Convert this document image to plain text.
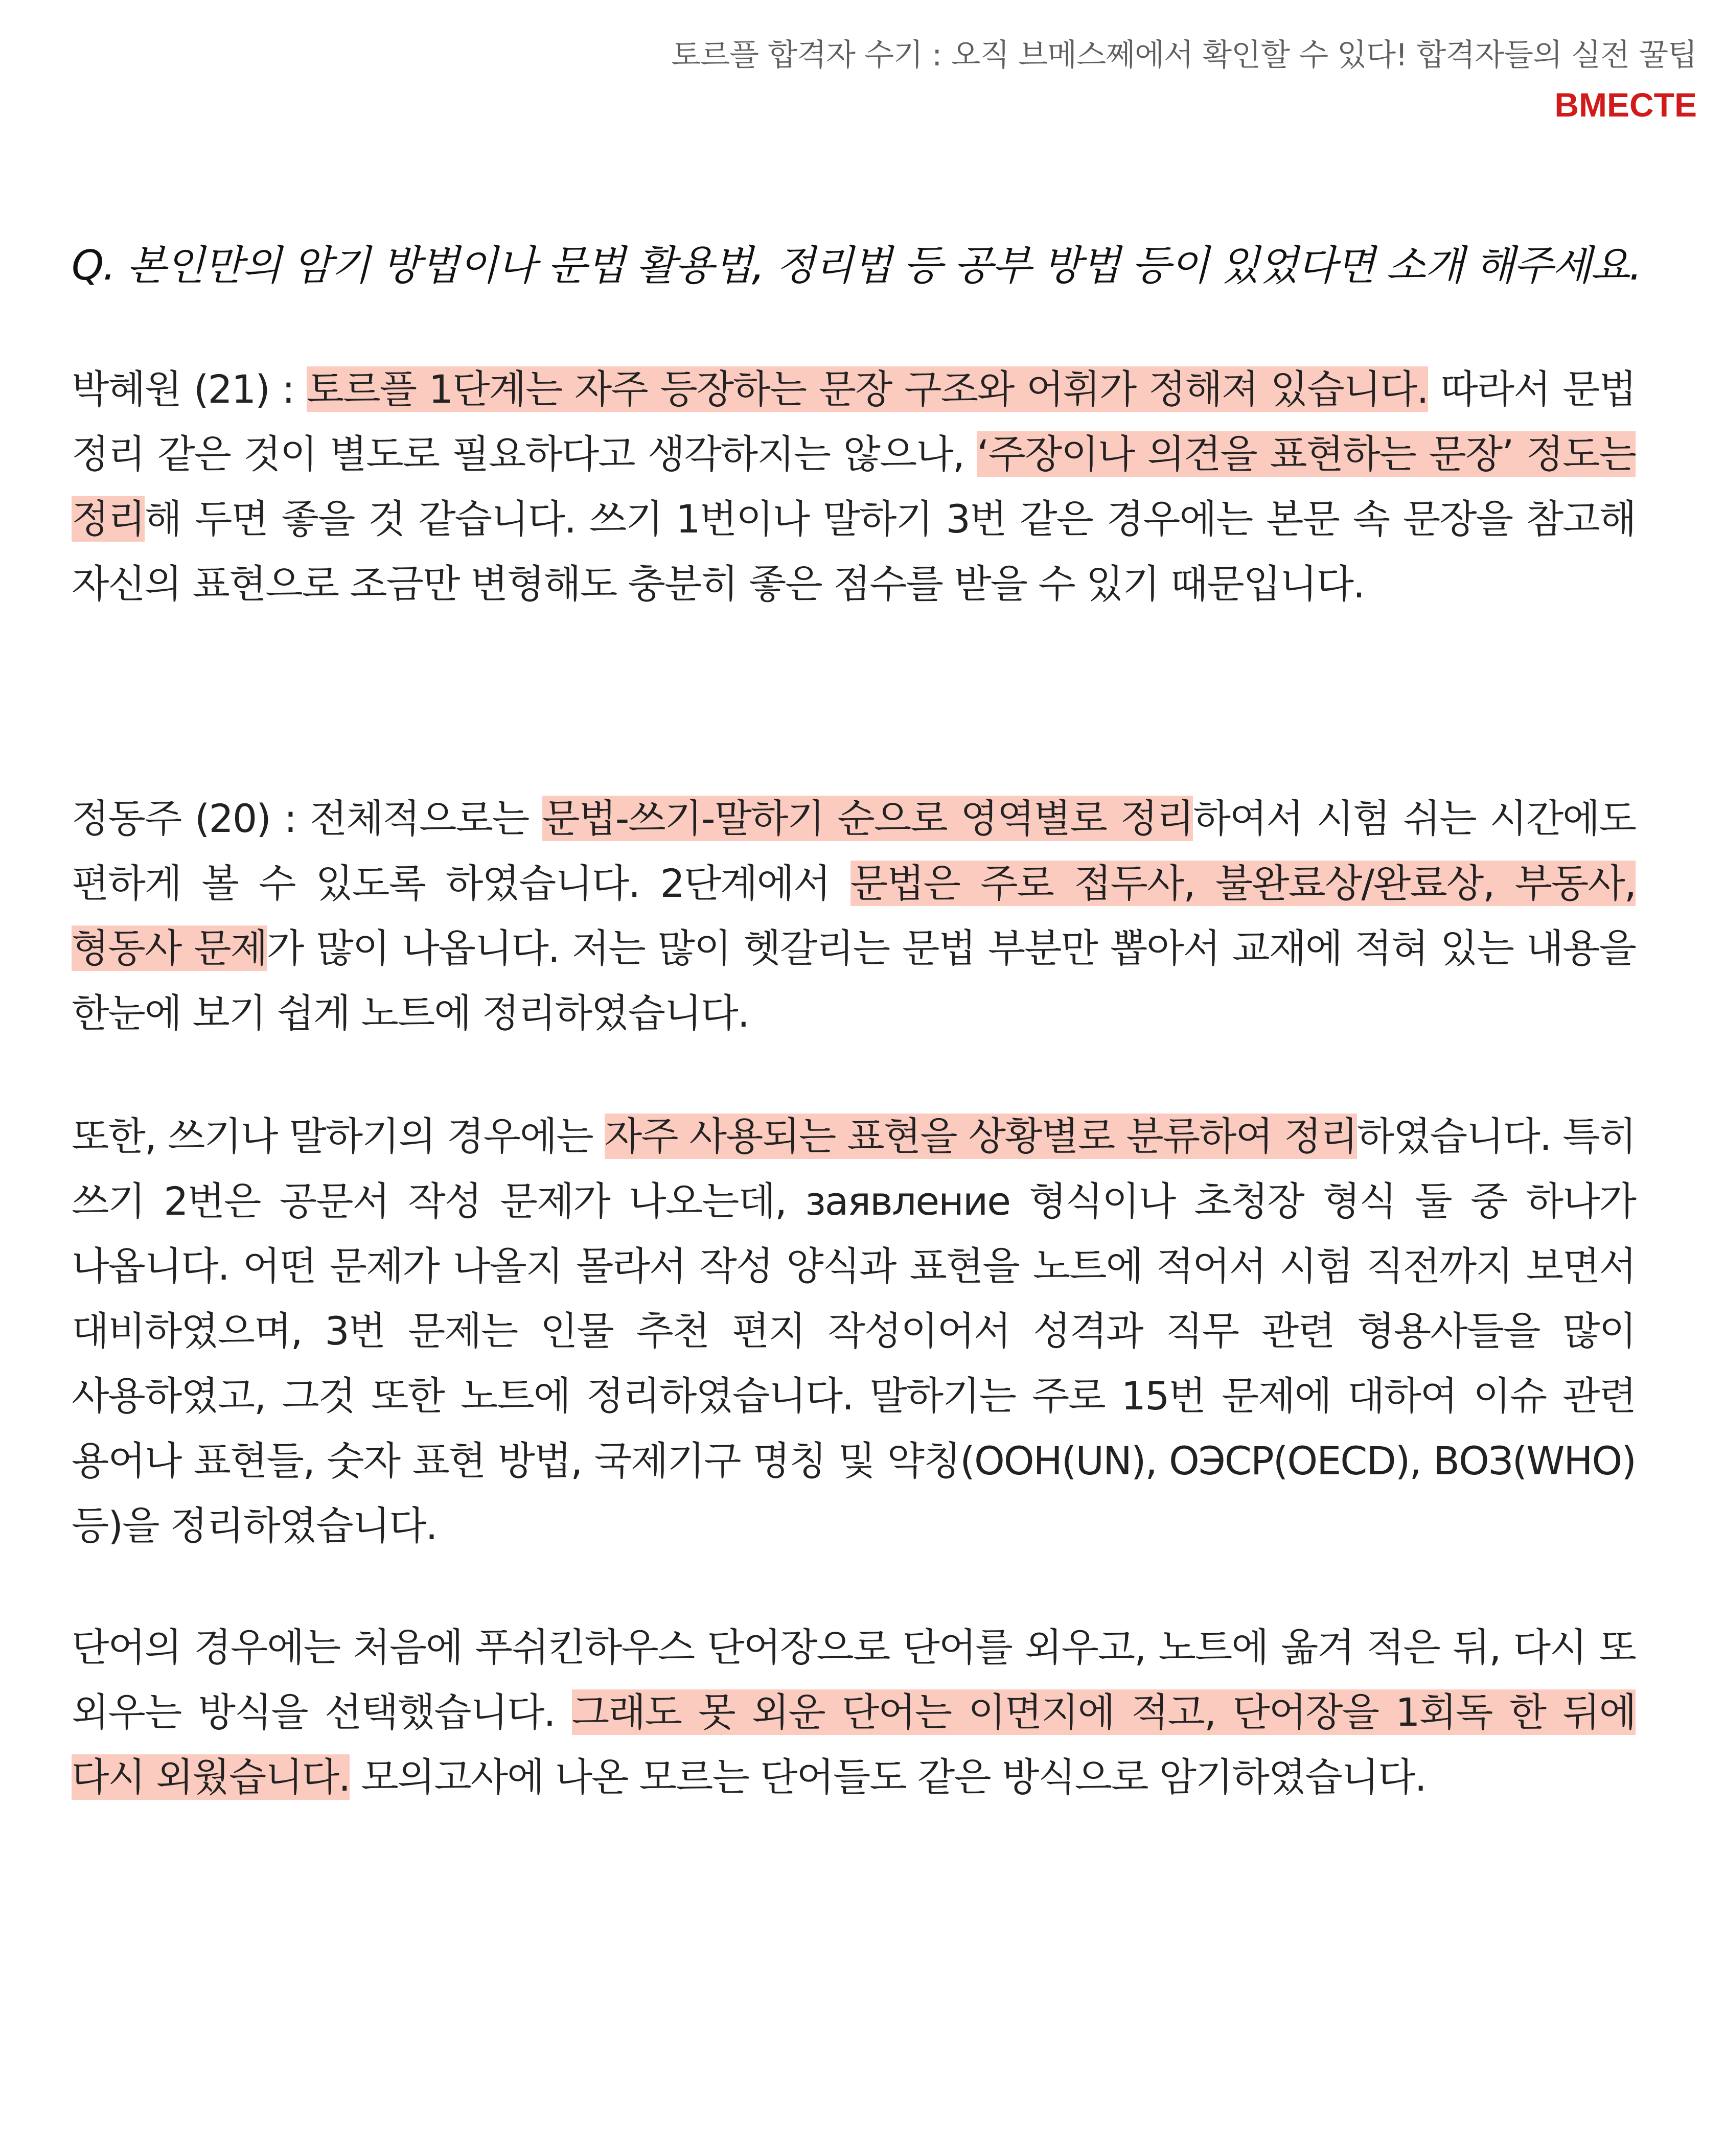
토르플 합격자 수기 : 오직 브메스쩨에서 확인할 수 있다! 합격자들의 실전 꿀팁
BMECTE
Q. 본인만의 암기 방법이나 문법 활용법, 정리법 등 공부 방법 등이 있었다면 소개 해주세요.

박혜원 (21) : 토르플 1단계는 자주 등장하는 문장 구조와 어휘가 정해져 있습니다. 따라서 문법 정리 같은 것이 별도로 필요하다고 생각하지는 않으나, ‘주장이나 의견을 표현하는 문장’ 정도는 정리해 두면 좋을 것 같습니다. 쓰기 1번이나 말하기 3번 같은 경우에는 본문 속 문장을 참고해 자신의 표현으로 조금만 변형해도 충분히 좋은 점수를 받을 수 있기 때문입니다.

정동주 (20) : 전체적으로는 문법-쓰기-말하기 순으로 영역별로 정리하여서 시험 쉬는 시간에도 편하게 볼 수 있도록 하였습니다. 2단계에서 문법은 주로 접두사, 불완료상/완료상, 부동사, 형동사 문제가 많이 나옵니다. 저는 많이 헷갈리는 문법 부분만 뽑아서 교재에 적혀 있는 내용을 한눈에 보기 쉽게 노트에 정리하였습니다.

또한, 쓰기나 말하기의 경우에는 자주 사용되는 표현을 상황별로 분류하여 정리하였습니다. 특히 쓰기 2번은 공문서 작성 문제가 나오는데, заявление 형식이나 초청장 형식 둘 중 하나가 나옵니다. 어떤 문제가 나올지 몰라서 작성 양식과 표현을 노트에 적어서 시험 직전까지 보면서 대비하였으며, 3번 문제는 인물 추천 편지 작성이어서 성격과 직무 관련 형용사들을 많이 사용하였고, 그것 또한 노트에 정리하였습니다. 말하기는 주로 15번 문제에 대하여 이슈 관련 용어나 표현들, 숫자 표현 방법, 국제기구 명칭 및 약칭(ООН(UN), ОЭСР(OECD), ВОЗ(WHO) 등)을 정리하였습니다.

단어의 경우에는 처음에 푸쉬킨하우스 단어장으로 단어를 외우고, 노트에 옮겨 적은 뒤, 다시 또 외우는 방식을 선택했습니다. 그래도 못 외운 단어는 이면지에 적고, 단어장을 1회독 한 뒤에 다시 외웠습니다. 모의고사에 나온 모르는 단어들도 같은 방식으로 암기하였습니다.
